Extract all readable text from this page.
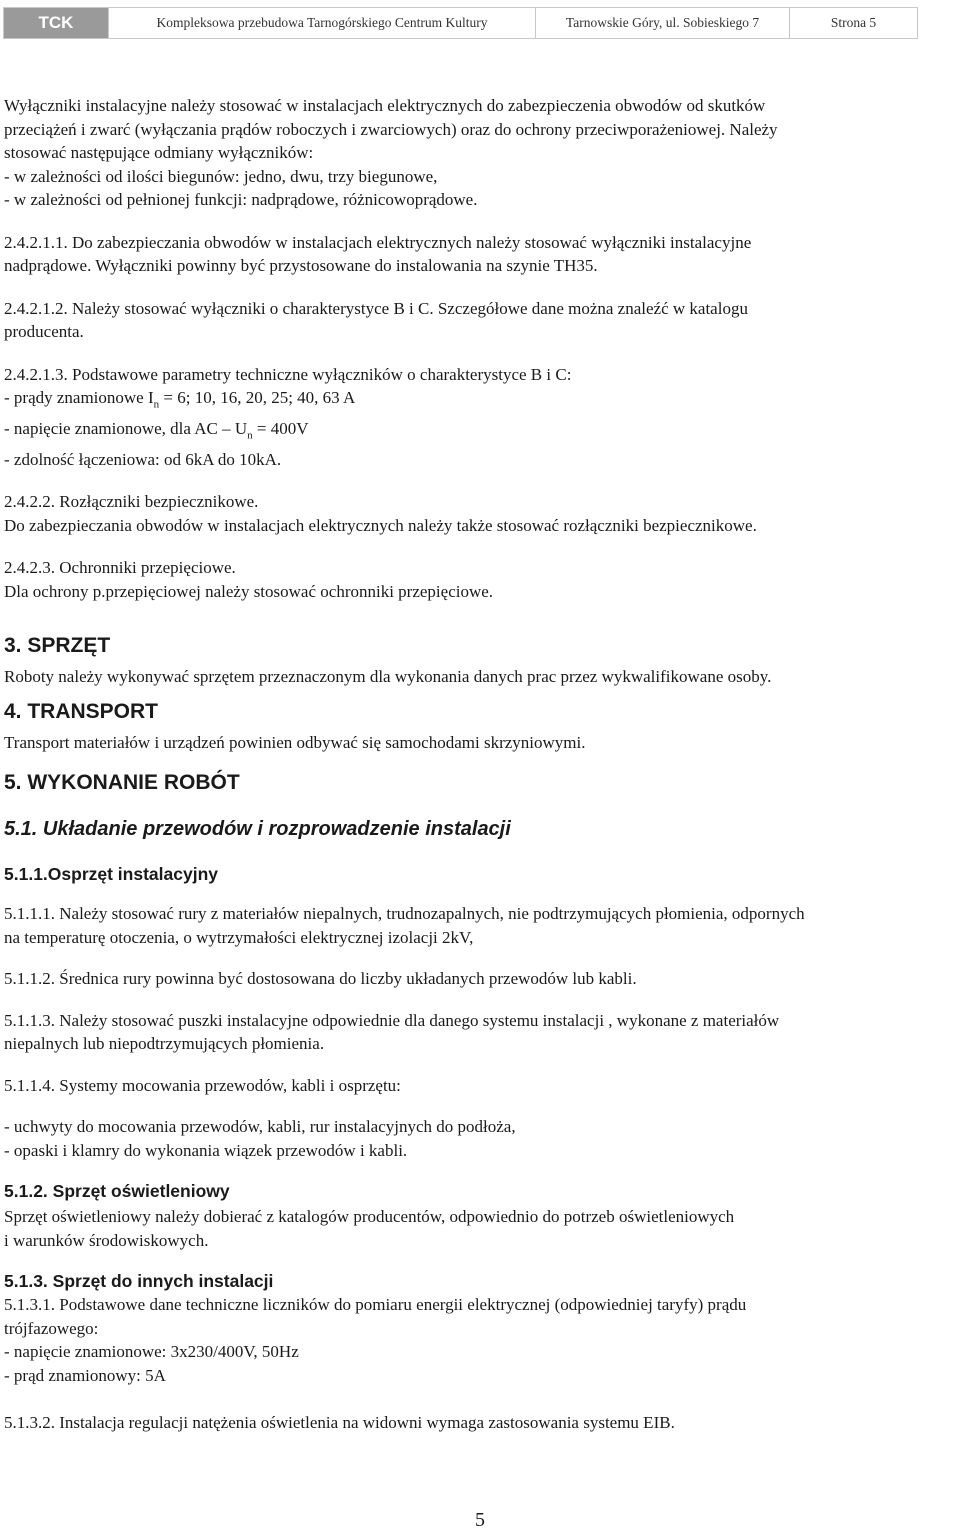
TCK	Kompleksowa przebudowa Tarnogórskiego Centrum Kultury	Tarnowskie Góry, ul. Sobieskiego 7	Strona 5

Wyłączniki instalacyjne należy stosować w instalacjach elektrycznych do zabezpieczenia obwodów od skutków

przeciążeń i zwarć (wyłączania prądów roboczych i zwarciowych) oraz do ochrony przeciwporażeniowej. Należy

stosować następujące odmiany wyłączników:

- w zależności od ilości biegunów: jedno, dwu, trzy biegunowe,

- w zależności od pełnionej funkcji: nadprądowe, różnicowoprądowe.

2.4.2.1.1. Do zabezpieczania obwodów w instalacjach elektrycznych należy stosować wyłączniki instalacyjne

nadprądowe. Wyłączniki powinny być przystosowane do instalowania na szynie TH35.

2.4.2.1.2. Należy stosować wyłączniki o charakterystyce B i C. Szczegółowe dane można znaleźć w katalogu

producenta.

2.4.2.1.3. Podstawowe parametry techniczne wyłączników o charakterystyce B i C:

- prądy znamionowe $I_n = 6$; 10, 16, 20, 25; 40, 63 A

- napięcie znamionowe, dla AC – $U_n = 400V$

- zdolność łączeniowa: od 6kA do 10kA.

2.4.2.2. Rozłączniki bezpiecznikowe.

Do zabezpieczania obwodów w instalacjach elektrycznych należy także stosować rozłączniki bezpiecznikowe.

2.4.2.3. Ochronniki przepięciowe.

Dla ochrony p.przepięciowej należy stosować ochronniki przepięciowe.

3. SPRZĘT

Roboty należy wykonywać sprzętem przeznaczonym dla wykonania danych prac przez wykwalifikowane osoby.

4. TRANSPORT

Transport materiałów i urządzeń powinien odbywać się samochodami skrzyniowymi.

5. WYKONANIE ROBÓT

5.1. Układanie przewodów i rozprowadzenie instalacji

5.1.1.Osprzęt instalacyjny

5.1.1.1. Należy stosować rury z materiałów niepalnych, trudnozapalnych, nie podtrzymujących płomienia, odpornych

na temperaturę otoczenia, o wytrzymałości elektrycznej izolacji 2kV,

5.1.1.2. Średnica rury powinna być dostosowana do liczby układanych przewodów lub kabli.

5.1.1.3. Należy stosować puszki instalacyjne odpowiednie dla danego systemu instalacji , wykonane z materiałów

niepalnych lub niepodtrzymujących płomienia.

5.1.1.4. Systemy mocowania przewodów, kabli i osprzętu:

- uchwyty do mocowania przewodów, kabli, rur instalacyjnych do podłoża,

- opaski i klamry do wykonania wiązek przewodów i kabli.

5.1.2. Sprzęt oświetleniowy

Sprzęt oświetleniowy należy dobierać z katalogów producentów, odpowiednio do potrzeb oświetleniowych

i warunków środowiskowych.

5.1.3. Sprzęt do innych instalacji

5.1.3.1. Podstawowe dane techniczne liczników do pomiaru energii elektrycznej (odpowiedniej taryfy) prądu

trójfazowego:

- napięcie znamionowe: 3x230/400V, 50Hz

- prąd znamionowy: 5A

5.1.3.2. Instalacja regulacji natężenia oświetlenia na widowni wymaga zastosowania systemu EIB.

5
